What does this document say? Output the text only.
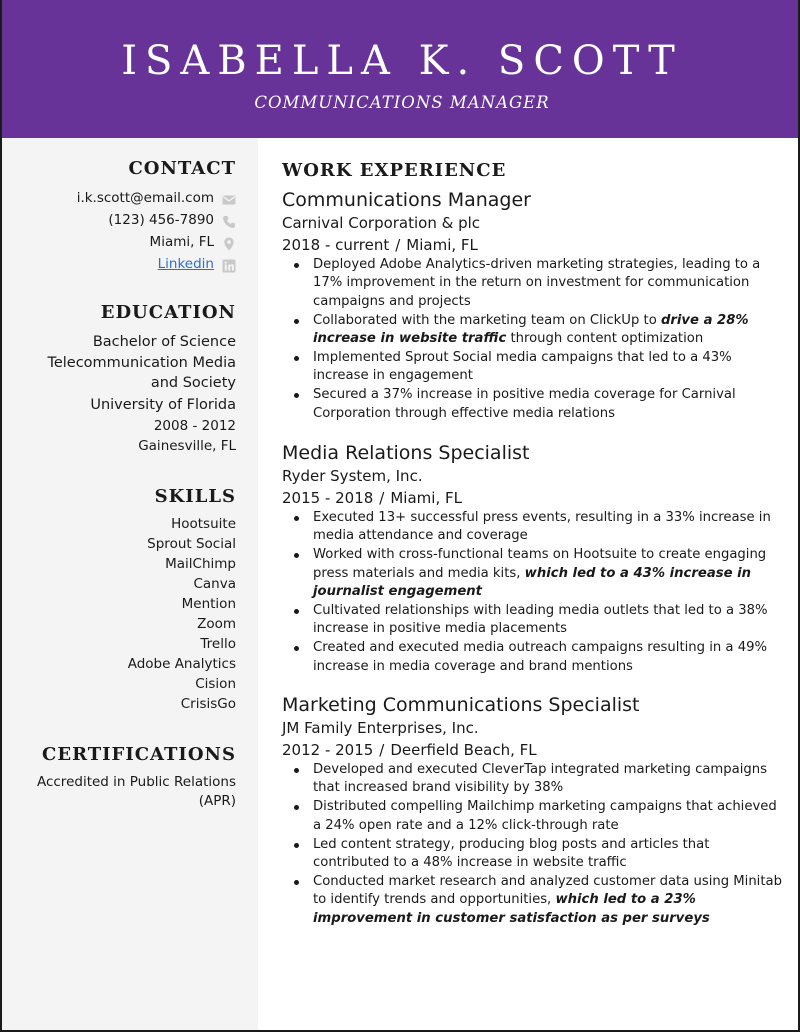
ISABELLA K. SCOTT
COMMUNICATIONS MANAGER
CONTACT
i.k.scott@email.com
(123) 456-7890
Miami, FL
Linkedin
EDUCATION
Bachelor of Science
Telecommunication Media
and Society
University of Florida
2008 - 2012
Gainesville, FL
SKILLS
Hootsuite
Sprout Social
MailChimp
Canva
Mention
Zoom
Trello
Adobe Analytics
Cision
CrisisGo
CERTIFICATIONS
Accredited in Public Relations
(APR)
WORK EXPERIENCE
Communications Manager
Carnival Corporation & plc
2018 - current / Miami, FL
Deployed Adobe Analytics-driven marketing strategies, leading to a 17% improvement in the return on investment for communication campaigns and projects
Collaborated with the marketing team on ClickUp to drive a 28% increase in website traffic through content optimization
Implemented Sprout Social media campaigns that led to a 43% increase in engagement
Secured a 37% increase in positive media coverage for Carnival Corporation through effective media relations
Media Relations Specialist
Ryder System, Inc.
2015 - 2018 / Miami, FL
Executed 13+ successful press events, resulting in a 33% increase in media attendance and coverage
Worked with cross-functional teams on Hootsuite to create engaging press materials and media kits, which led to a 43% increase in journalist engagement
Cultivated relationships with leading media outlets that led to a 38% increase in positive media placements
Created and executed media outreach campaigns resulting in a 49% increase in media coverage and brand mentions
Marketing Communications Specialist
JM Family Enterprises, Inc.
2012 - 2015 / Deerfield Beach, FL
Developed and executed CleverTap integrated marketing campaigns that increased brand visibility by 38%
Distributed compelling Mailchimp marketing campaigns that achieved a 24% open rate and a 12% click-through rate
Led content strategy, producing blog posts and articles that contributed to a 48% increase in website traffic
Conducted market research and analyzed customer data using Minitab to identify trends and opportunities, which led to a 23% improvement in customer satisfaction as per surveys
